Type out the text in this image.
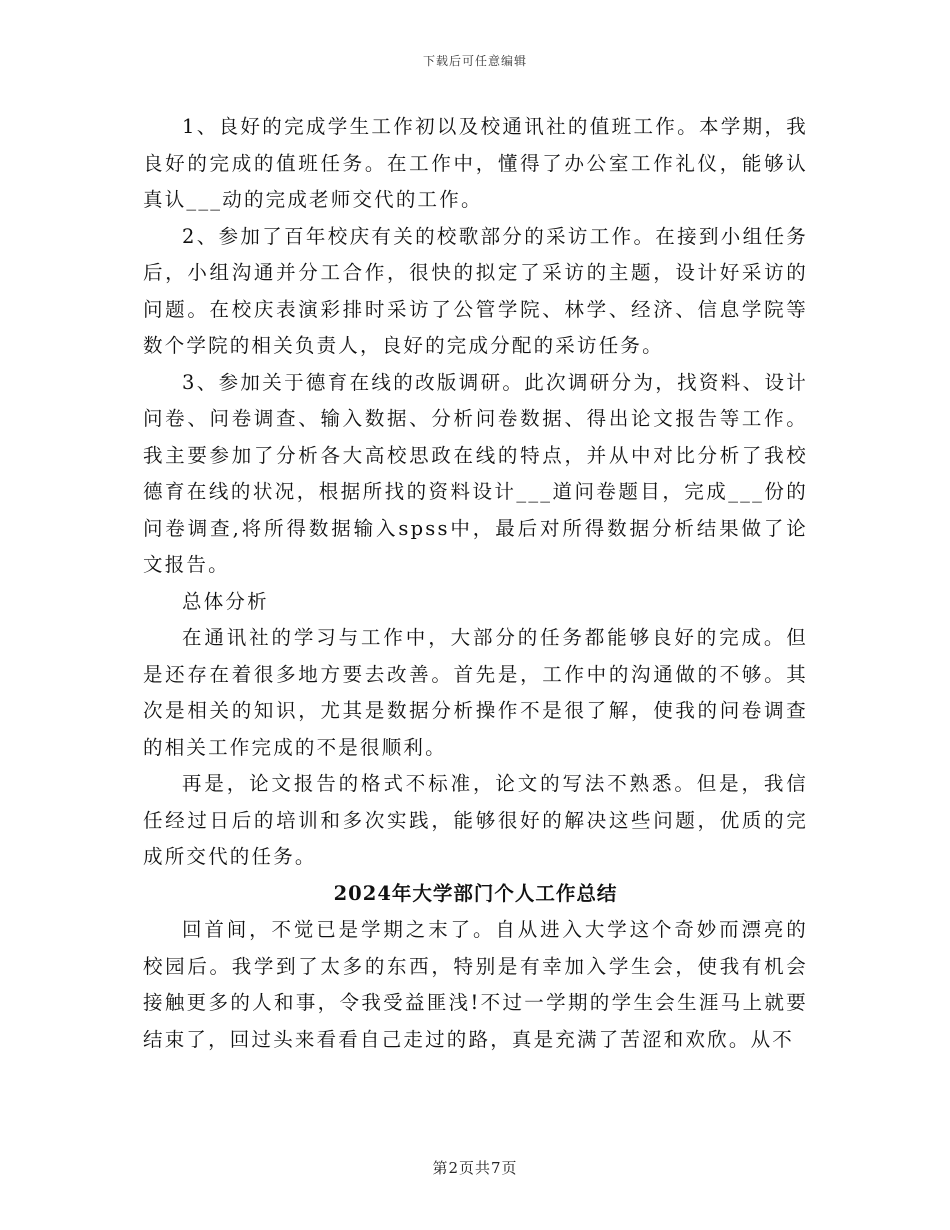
下载后可任意编辑

1、良好的完成学生工作初以及校通讯社的值班工作。本学期，我良好的完成的值班任务。在工作中，懂得了办公室工作礼仪，能够认真认___动的完成老师交代的工作。

2、参加了百年校庆有关的校歌部分的采访工作。在接到小组任务后，小组沟通并分工合作，很快的拟定了采访的主题，设计好采访的问题。在校庆表演彩排时采访了公管学院、林学、经济、信息学院等数个学院的相关负责人，良好的完成分配的采访任务。

3、参加关于德育在线的改版调研。此次调研分为，找资料、设计问卷、问卷调查、输入数据、分析问卷数据、得出论文报告等工作。我主要参加了分析各大高校思政在线的特点，并从中对比分析了我校德育在线的状况，根据所找的资料设计___道问卷题目，完成___份的问卷调查,将所得数据输入spss中，最后对所得数据分析结果做了论文报告。

总体分析

在通讯社的学习与工作中，大部分的任务都能够良好的完成。但是还存在着很多地方要去改善。首先是，工作中的沟通做的不够。其次是相关的知识，尤其是数据分析操作不是很了解，使我的问卷调查的相关工作完成的不是很顺利。

再是，论文报告的格式不标准，论文的写法不熟悉。但是，我信任经过日后的培训和多次实践，能够很好的解决这些问题，优质的完成所交代的任务。

2024年大学部门个人工作总结

回首间，不觉已是学期之末了。自从进入大学这个奇妙而漂亮的校园后。我学到了太多的东西，特别是有幸加入学生会，使我有机会接触更多的人和事，令我受益匪浅!不过一学期的学生会生涯马上就要结束了，回过头来看看自己走过的路，真是充满了苦涩和欢欣。从不

第2页共7页
